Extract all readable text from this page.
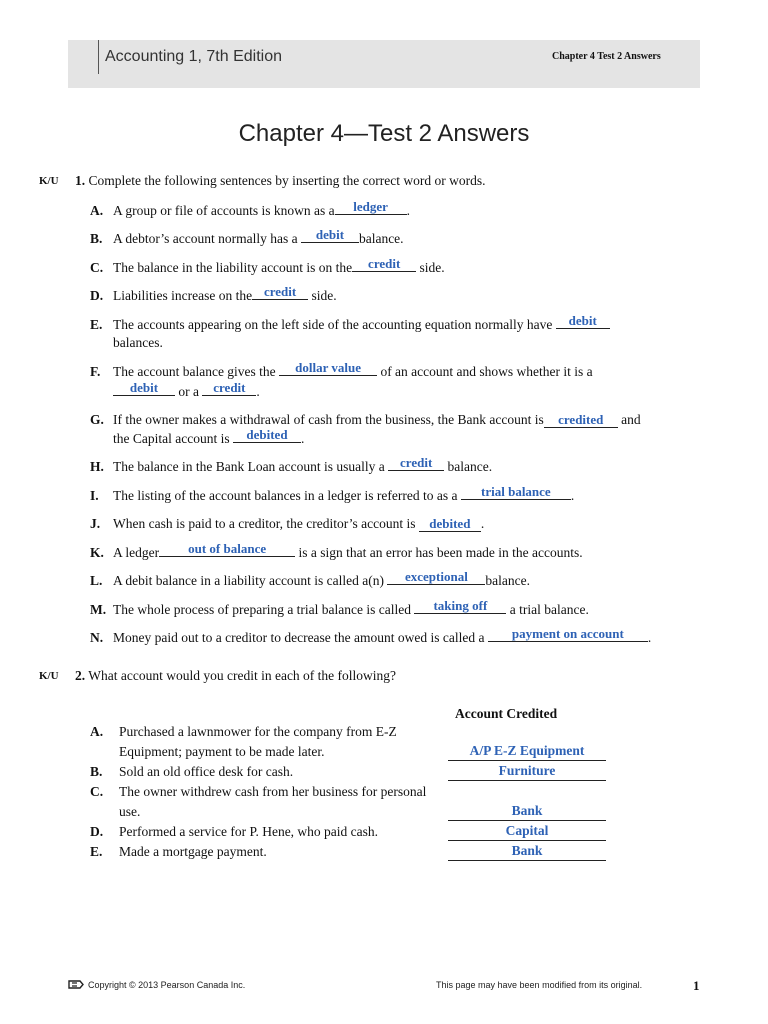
Accounting 1, 7th Edition	Chapter 4 Test 2 Answers
Chapter 4—Test 2 Answers
K/U 1. Complete the following sentences by inserting the correct word or words.
A. A group or file of accounts is known as a ledger .
B. A debtor’s account normally has a debit balance.
C. The balance in the liability account is on the credit side.
D. Liabilities increase on the credit side.
E. The accounts appearing on the left side of the accounting equation normally have debit
balances.
F. The account balance gives the dollar value of an account and shows whether it is a
debit or a credit .
G. If the owner makes a withdrawal of cash from the business, the Bank account is credited and
the Capital account is debited .
H. The balance in the Bank Loan account is usually a credit balance.
I. The listing of the account balances in a ledger is referred to as a trial balance .
J. When cash is paid to a creditor, the creditor’s account is debited .
K. A ledger out of balance is a sign that an error has been made in the accounts.
L. A debit balance in a liability account is called a(n) exceptional balance.
M. The whole process of preparing a trial balance is called taking off a trial balance.
N. Money paid out to a creditor to decrease the amount owed is called a payment on account .
K/U 2. What account would you credit in each of the following?
Account Credited
A. Purchased a lawnmower for the company from E-Z Equipment; payment to be made later.	A/P E-Z Equipment
B. Sold an old office desk for cash.	Furniture
C. The owner withdrew cash from her business for personal use.	Bank
D. Performed a service for P. Hene, who paid cash.	Capital
E. Made a mortgage payment.	Bank
Copyright © 2013 Pearson Canada Inc.	This page may have been modified from its original.	1
